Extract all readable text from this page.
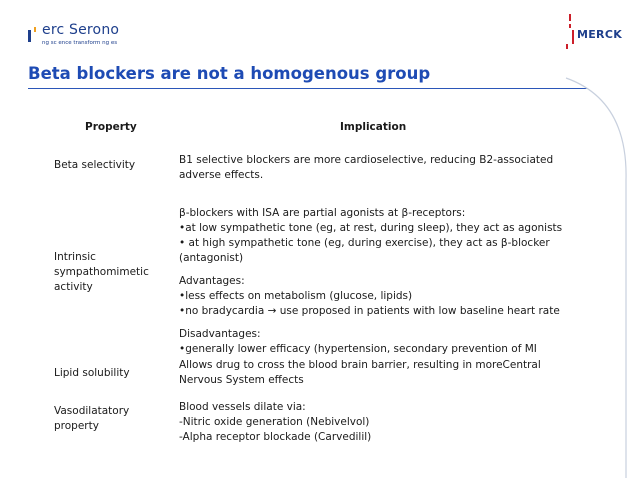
erc Serono
ng sc ence transform ng es
MERCK
Beta blockers are not a homogenous group
Property	Implication
Beta selectivity	B1 selective blockers are more cardioselective, reducing B2-associated
adverse effects.
Intrinsic sympathomimetic activity
β-blockers with ISA are partial agonists at β-receptors:
•at low sympathetic tone (eg, at rest, during sleep), they act as agonists
• at high sympathetic tone (eg, during exercise), they act as β-blocker
(antagonist)
Advantages:
•less effects on metabolism (glucose, lipids)
•no bradycardia → use proposed in patients with low baseline heart rate
Disadvantages:
•generally lower efficacy (hypertension, secondary prevention of MI
Lipid solubility
Allows drug to cross the blood brain barrier, resulting in moreCentral
Nervous System effects
Vasodilatatory property
Blood vessels dilate via:
-Nitric oxide generation (Nebivelvol)
-Alpha receptor blockade (Carvedilil)
